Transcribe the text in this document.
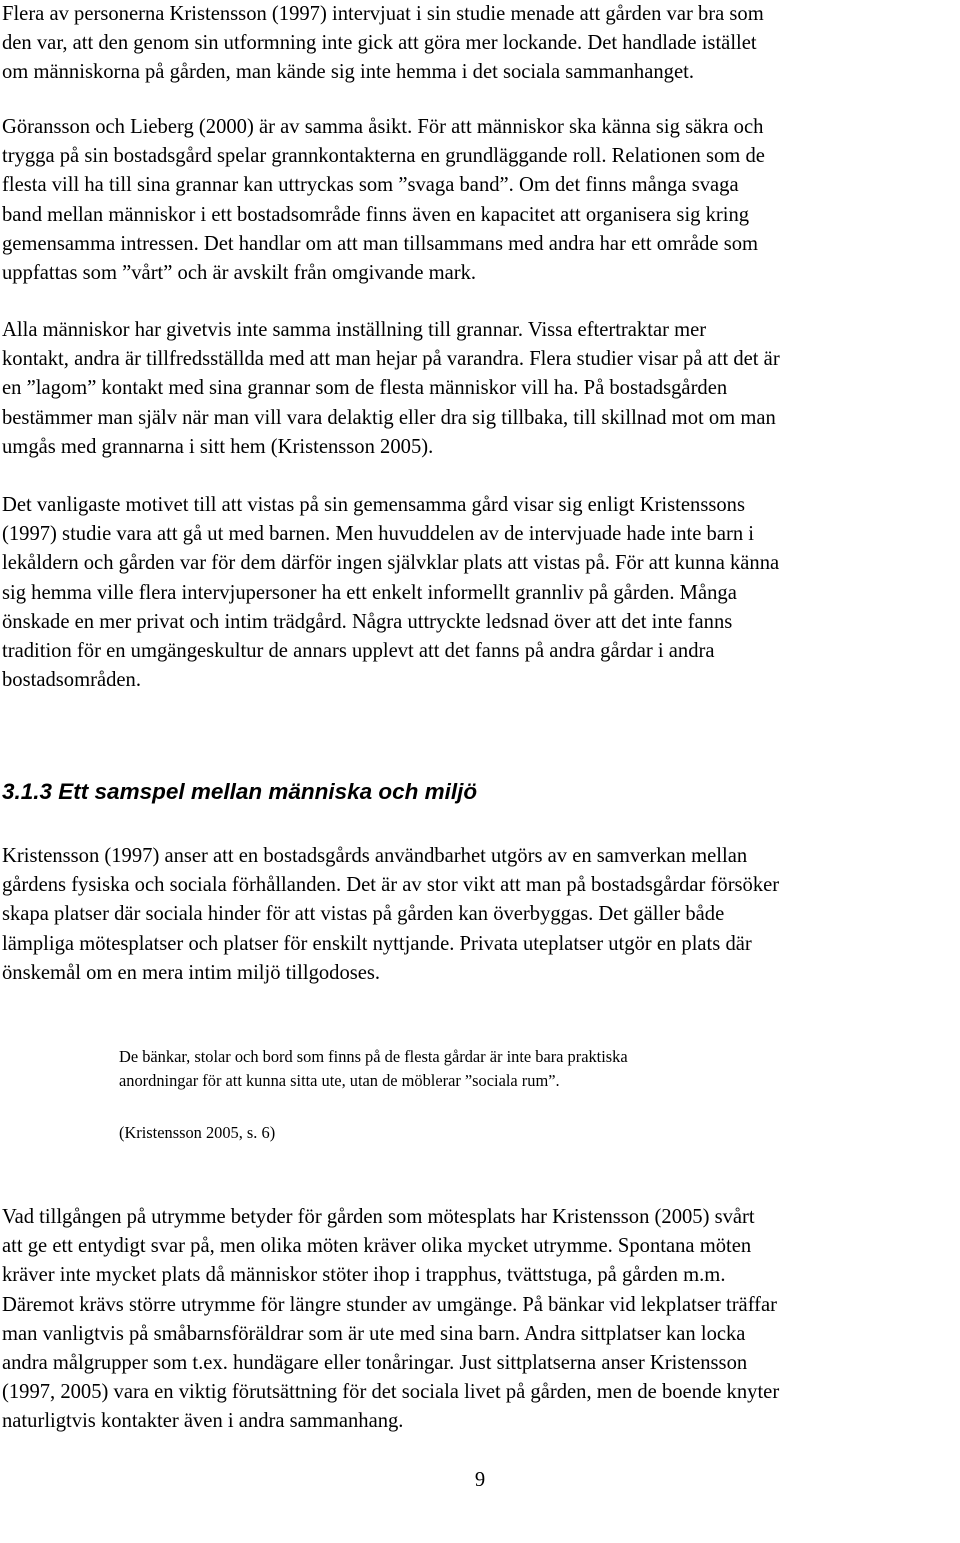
Flera av personerna Kristensson (1997) intervjuat i sin studie menade att gården var bra som
den var, att den genom sin utformning inte gick att göra mer lockande. Det handlade istället
om människorna på gården, man kände sig inte hemma i det sociala sammanhanget.

Göransson och Lieberg (2000) är av samma åsikt. För att människor ska känna sig säkra och
trygga på sin bostadsgård spelar grannkontakterna en grundläggande roll. Relationen som de
flesta vill ha till sina grannar kan uttryckas som ”svaga band”. Om det finns många svaga
band mellan människor i ett bostadsområde finns även en kapacitet att organisera sig kring
gemensamma intressen. Det handlar om att man tillsammans med andra har ett område som
uppfattas som ”vårt” och är avskilt från omgivande mark.

Alla människor har givetvis inte samma inställning till grannar. Vissa eftertraktar mer
kontakt, andra är tillfredsställda med att man hejar på varandra. Flera studier visar på att det är
en ”lagom” kontakt med sina grannar som de flesta människor vill ha. På bostadsgården
bestämmer man själv när man vill vara delaktig eller dra sig tillbaka, till skillnad mot om man
umgås med grannarna i sitt hem (Kristensson 2005).

Det vanligaste motivet till att vistas på sin gemensamma gård visar sig enligt Kristenssons
(1997) studie vara att gå ut med barnen. Men huvuddelen av de intervjuade hade inte barn i
lekåldern och gården var för dem därför ingen självklar plats att vistas på. För att kunna känna
sig hemma ville flera intervjupersoner ha ett enkelt informellt grannliv på gården. Många
önskade en mer privat och intim trädgård. Några uttryckte ledsnad över att det inte fanns
tradition för en umgängeskultur de annars upplevt att det fanns på andra gårdar i andra
bostadsområden.

3.1.3 Ett samspel mellan människa och miljö

Kristensson (1997) anser att en bostadsgårds användbarhet utgörs av en samverkan mellan
gårdens fysiska och sociala förhållanden. Det är av stor vikt att man på bostadsgårdar försöker
skapa platser där sociala hinder för att vistas på gården kan överbyggas. Det gäller både
lämpliga mötesplatser och platser för enskilt nyttjande. Privata uteplatser utgör en plats där
önskemål om en mera intim miljö tillgodoses.

De bänkar, stolar och bord som finns på de flesta gårdar är inte bara praktiska
anordningar för att kunna sitta ute, utan de möblerar ”sociala rum”.

(Kristensson 2005, s. 6)

Vad tillgången på utrymme betyder för gården som mötesplats har Kristensson (2005) svårt
att ge ett entydigt svar på, men olika möten kräver olika mycket utrymme. Spontana möten
kräver inte mycket plats då människor stöter ihop i trapphus, tvättstuga, på gården m.m.
Däremot krävs större utrymme för längre stunder av umgänge. På bänkar vid lekplatser träffar
man vanligtvis på småbarnsföräldrar som är ute med sina barn. Andra sittplatser kan locka
andra målgrupper som t.ex. hundägare eller tonåringar. Just sittplatserna anser Kristensson
(1997, 2005) vara en viktig förutsättning för det sociala livet på gården, men de boende knyter
naturligtvis kontakter även i andra sammanhang.

9
